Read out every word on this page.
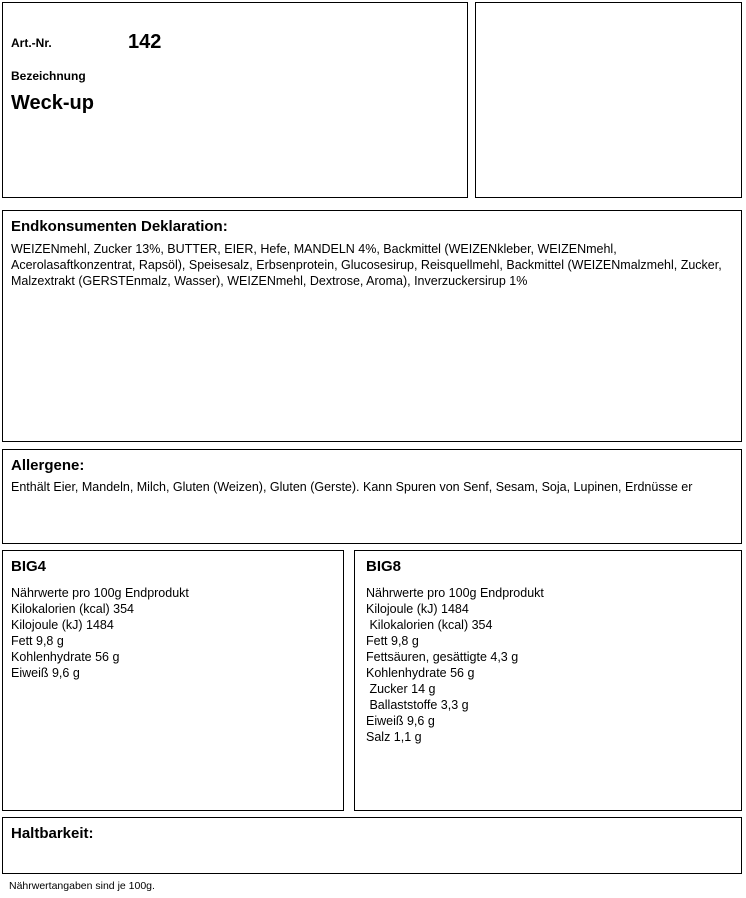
Art.-Nr.	142
Bezeichnung
Weck-up
Endkonsumenten Deklaration:
WEIZENmehl, Zucker 13%, BUTTER, EIER, Hefe, MANDELN 4%, Backmittel (WEIZENkleber, WEIZENmehl, Acerolasaftkonzentrat, Rapsöl), Speisesalz, Erbsenprotein, Glucosesirup, Reisquellmehl, Backmittel (WEIZENmalzmehl, Zucker, Malzextrakt (GERSTEnmalz, Wasser), WEIZENmehl, Dextrose, Aroma), Inverzuckersirup 1%
Allergene:
Enthält Eier, Mandeln, Milch, Gluten (Weizen), Gluten (Gerste). Kann Spuren von Senf, Sesam, Soja, Lupinen, Erdnüsse er
BIG4
Nährwerte pro 100g Endprodukt
Kilokalorien (kcal) 354
Kilojoule (kJ) 1484
Fett 9,8 g
Kohlenhydrate 56 g
Eiweiß 9,6 g
BIG8
Nährwerte pro 100g Endprodukt
Kilojoule (kJ) 1484
Kilokalorien (kcal) 354
Fett 9,8 g
Fettsäuren, gesättigte 4,3 g
Kohlenhydrate 56 g
Zucker 14 g
Ballaststoffe 3,3 g
Eiweiß 9,6 g
Salz 1,1 g
Haltbarkeit:
Nährwertangaben sind je 100g.
